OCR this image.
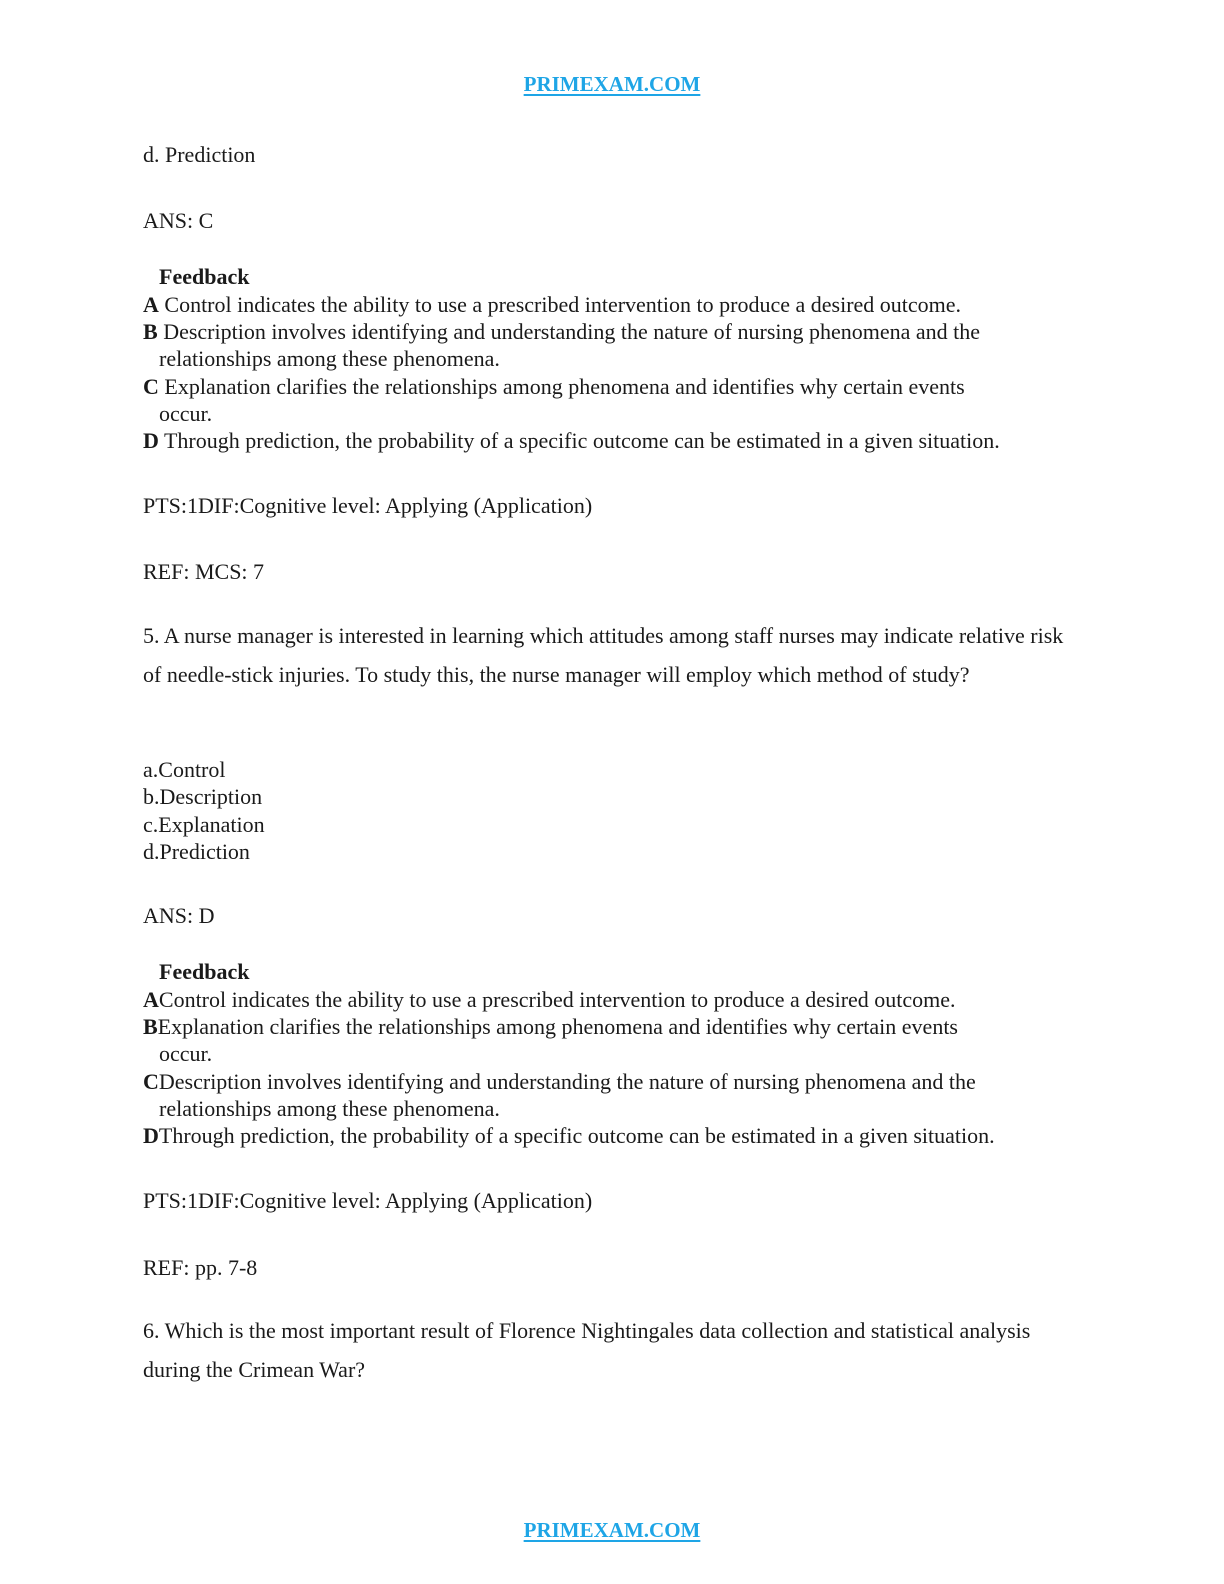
PRIMEXAM.COM
d. Prediction
ANS: C
Feedback
A Control indicates the ability to use a prescribed intervention to produce a desired outcome.
B Description involves identifying and understanding the nature of nursing phenomena and the
relationships among these phenomena.
C Explanation clarifies the relationships among phenomena and identifies why certain events
occur.
D Through prediction, the probability of a specific outcome can be estimated in a given situation.
PTS:1DIF:Cognitive level: Applying (Application)
REF: MCS: 7
5. A nurse manager is interested in learning which attitudes among staff nurses may indicate relative risk of needle-stick injuries. To study this, the nurse manager will employ which method of study?
a.Control
b.Description
c.Explanation
d.Prediction
ANS: D
Feedback
AControl indicates the ability to use a prescribed intervention to produce a desired outcome.
BExplanation clarifies the relationships among phenomena and identifies why certain events
occur.
CDescription involves identifying and understanding the nature of nursing phenomena and the
relationships among these phenomena.
DThrough prediction, the probability of a specific outcome can be estimated in a given situation.
PTS:1DIF:Cognitive level: Applying (Application)
REF: pp. 7-8
6. Which is the most important result of Florence Nightingales data collection and statistical analysis during the Crimean War?
PRIMEXAM.COM
